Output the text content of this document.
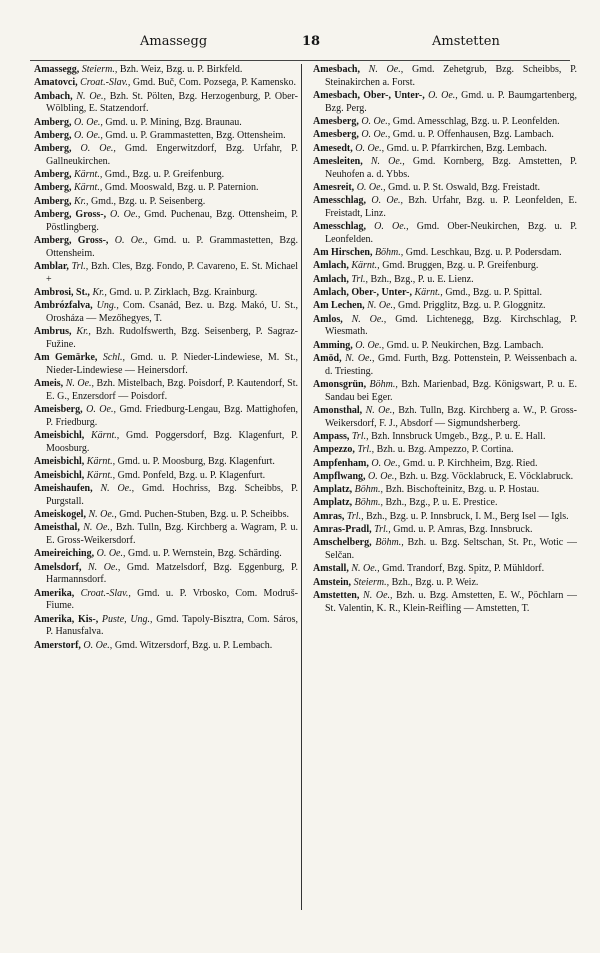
Amassegg	18	Amstetten

Amassegg, Steierm., Bzh. Weiz, Bzg. u. P. Birkfeld.

Amatovci, Croat.-Slav., Gmd. Buč, Com. Pozsega, P. Kamensko.

Ambach, N. Oe., Bzh. St. Pölten, Bzg. Herzogenburg, P. Ober-Wölbling, E. Statzendorf.

Amberg, O. Oe., Gmd. u. P. Mining, Bzg. Braunau.

Amberg, O. Oe., Gmd. u. P. Grammastetten, Bzg. Ottensheim.

Amberg, O. Oe., Gmd. Engerwitzdorf, Bzg. Urfahr, P. Gallneukirchen.

Amberg, Kärnt., Gmd., Bzg. u. P. Greifenburg.

Amberg, Kärnt., Gmd. Mooswald, Bzg. u. P. Paternion.

Amberg, Kr., Gmd., Bzg. u. P. Seisenberg.

Amberg, Gross-, O. Oe., Gmd. Puchenau, Bzg. Ottensheim, P. Pöstlingberg.

Amberg, Gross-, O. Oe., Gmd. u. P. Grammastetten, Bzg. Ottensheim.

Amblar, Trl., Bzh. Cles, Bzg. Fondo, P. Cavareno, E. St. Michael +

Ambrosi, St., Kr., Gmd. u. P. Zirklach, Bzg. Krainburg.

Ambrózfalva, Ung., Com. Csanád, Bez. u. Bzg. Makó, U. St., Orosháza — Mezőhegyes, T.

Ambrus, Kr., Bzh. Rudolfswerth, Bzg. Seisenberg, P. Sagraz-Fužine.

Am Gemärke, Schl., Gmd. u. P. Nieder-Lindewiese, M. St., Nieder-Lindewiese — Heinersdorf.

Ameis, N. Oe., Bzh. Mistelbach, Bzg. Poisdorf, P. Kautendorf, St. E. G., Enzersdorf — Poisdorf.

Ameisberg, O. Oe., Gmd. Friedburg-Lengau, Bzg. Mattighofen, P. Friedburg.

Ameisbichl, Kärnt., Gmd. Poggersdorf, Bzg. Klagenfurt, P. Moosburg.

Ameisbichl, Kärnt., Gmd. u. P. Moosburg, Bzg. Klagenfurt.

Ameisbichl, Kärnt., Gmd. Ponfeld, Bzg. u. P. Klagenfurt.

Ameishaufen, N. Oe., Gmd. Hochriss, Bzg. Scheibbs, P. Purgstall.

Ameiskogel, N. Oe., Gmd. Puchen-Stuben, Bzg. u. P. Scheibbs.

Ameisthal, N. Oe., Bzh. Tulln, Bzg. Kirchberg a. Wagram, P. u. E. Gross-Weikersdorf.

Ameireiching, O. Oe., Gmd. u. P. Wernstein, Bzg. Schärding.

Amelsdorf, N. Oe., Gmd. Matzelsdorf, Bzg. Eggenburg, P. Harmannsdorf.

Amerika, Croat.-Slav., Gmd. u. P. Vrbosko, Com. Modruš-Fiume.

Amerika, Kis-, Puste, Ung., Gmd. Tapoly-Bisztra, Com. Sáros, P. Hanusfalva.

Amerstorf, O. Oe., Gmd. Witzersdorf, Bzg. u. P. Lembach.

Amesbach, N. Oe., Gmd. Zehetgrub, Bzg. Scheibbs, P. Steinakirchen a. Forst.

Amesbach, Ober-, Unter-, O. Oe., Gmd. u. P. Baumgartenberg, Bzg. Perg.

Amesberg, O. Oe., Gmd. Amesschlag, Bzg. u. P. Leonfelden.

Amesberg, O. Oe., Gmd. u. P. Offenhausen, Bzg. Lambach.

Amesedt, O. Oe., Gmd. u. P. Pfarrkirchen, Bzg. Lembach.

Amesleiten, N. Oe., Gmd. Kornberg, Bzg. Amstetten, P. Neuhofen a. d. Ybbs.

Amesreit, O. Oe., Gmd. u. P. St. Oswald, Bzg. Freistadt.

Amesschlag, O. Oe., Bzh. Urfahr, Bzg. u. P. Leonfelden, E. Freistadt, Linz.

Amesschlag, O. Oe., Gmd. Ober-Neukirchen, Bzg. u. P. Leonfelden.

Am Hirschen, Böhm., Gmd. Leschkau, Bzg. u. P. Podersdam.

Amlach, Kärnt., Gmd. Bruggen, Bzg. u. P. Greifenburg.

Amlach, Trl., Bzh., Bzg., P. u. E. Lienz.

Amlach, Ober-, Unter-, Kärnt., Gmd., Bzg. u. P. Spittal.

Am Lechen, N. Oe., Gmd. Prigglitz, Bzg. u. P. Gloggnitz.

Amlos, N. Oe., Gmd. Lichtenegg, Bzg. Kirchschlag, P. Wiesmath.

Amming, O. Oe., Gmd. u. P. Neukirchen, Bzg. Lambach.

Amöd, N. Oe., Gmd. Furth, Bzg. Pottenstein, P. Weissenbach a. d. Triesting.

Amonsgrün, Böhm., Bzh. Marienbad, Bzg. Königswart, P. u. E. Sandau bei Eger.

Amonsthal, N. Oe., Bzh. Tulln, Bzg. Kirchberg a. W., P. Gross-Weikersdorf, F. J., Absdorf — Sigmundsherberg.

Ampass, Trl., Bzh. Innsbruck Umgeb., Bzg., P. u. E. Hall.

Ampezzo, Trl., Bzh. u. Bzg. Ampezzo, P. Cortina.

Ampfenham, O. Oe., Gmd. u. P. Kirchheim, Bzg. Ried.

Ampflwang, O. Oe., Bzh. u. Bzg. Vöcklabruck, E. Vöcklabruck.

Amplatz, Böhm., Bzh. Bischofteinitz, Bzg. u. P. Hostau.

Amplatz, Böhm., Bzh., Bzg., P. u. E. Prestice.

Amras, Trl., Bzh., Bzg. u. P. Innsbruck, I. M., Berg Isel — Igls.

Amras-Pradl, Trl., Gmd. u. P. Amras, Bzg. Innsbruck.

Amschelberg, Böhm., Bzh. u. Bzg. Seltschan, St. Pr., Wotic — Selčan.

Amstall, N. Oe., Gmd. Trandorf, Bzg. Spitz, P. Mühldorf.

Amstein, Steierm., Bzh., Bzg. u. P. Weiz.

Amstetten, N. Oe., Bzh. u. Bzg. Amstetten, E. W., Pöchlarn — St. Valentin, K. R., Klein-Reifling — Amstetten, T.
